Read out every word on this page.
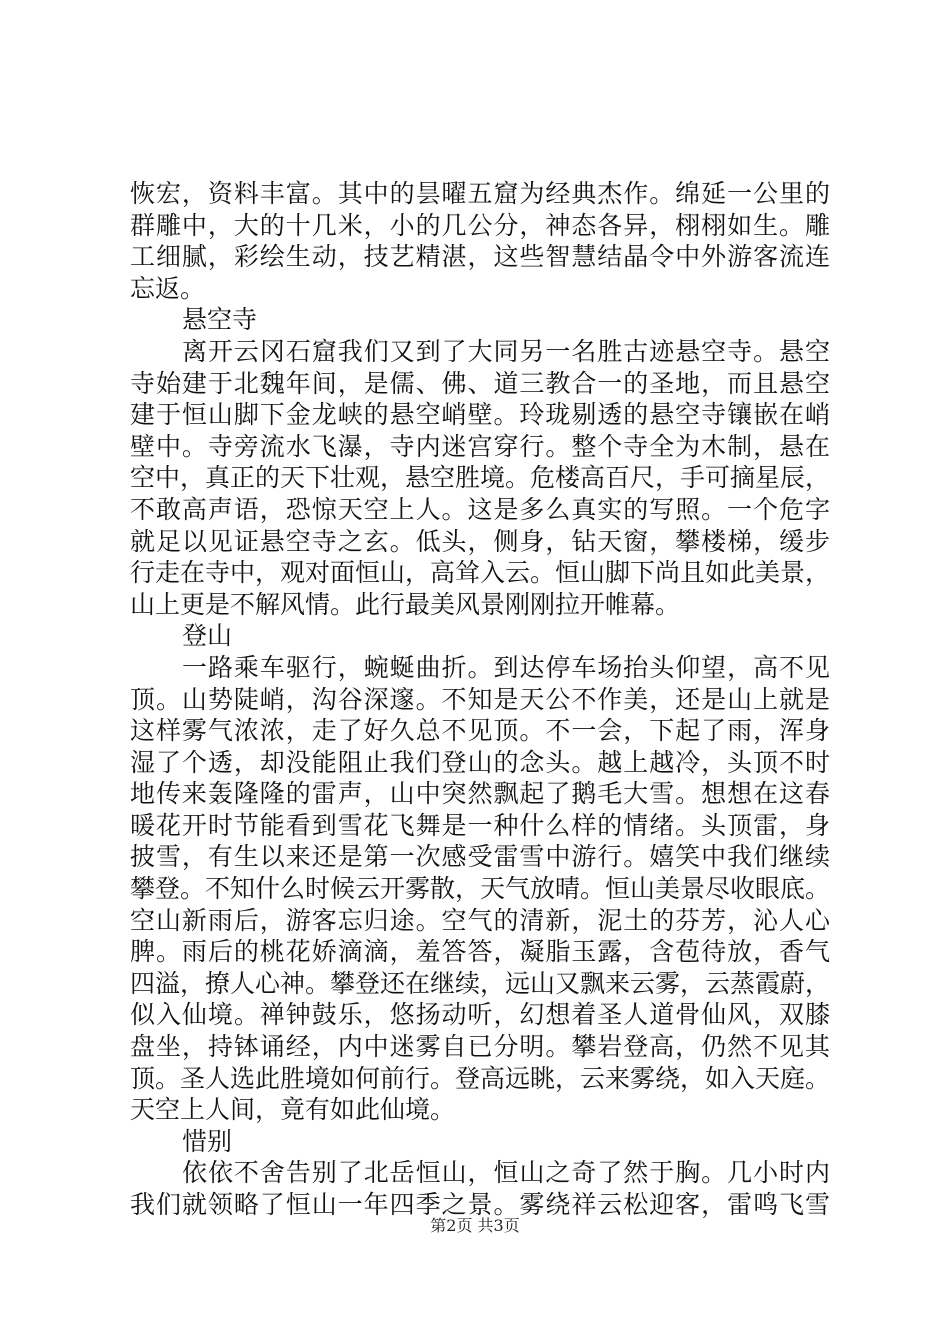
恢宏，资料丰富。其中的昙曜五窟为经典杰作。绵延一公里的
群雕中，大的十几米，小的几公分，神态各异，栩栩如生。雕
工细腻，彩绘生动，技艺精湛，这些智慧结晶令中外游客流连
忘返。
悬空寺
离开云冈石窟我们又到了大同另一名胜古迹悬空寺。悬空
寺始建于北魏年间，是儒、佛、道三教合一的圣地，而且悬空
建于恒山脚下金龙峡的悬空峭壁。玲珑剔透的悬空寺镶嵌在峭
壁中。寺旁流水飞瀑，寺内迷宫穿行。整个寺全为木制，悬在
空中，真正的天下壮观，悬空胜境。危楼高百尺，手可摘星辰，
不敢高声语，恐惊天空上人。这是多么真实的写照。一个危字
就足以见证悬空寺之玄。低头，侧身，钻天窗，攀楼梯，缓步
行走在寺中，观对面恒山，高耸入云。恒山脚下尚且如此美景，
山上更是不解风情。此行最美风景刚刚拉开帷幕。
登山
一路乘车驱行，蜿蜒曲折。到达停车场抬头仰望，高不见
顶。山势陡峭，沟谷深邃。不知是天公不作美，还是山上就是
这样雾气浓浓，走了好久总不见顶。不一会，下起了雨，浑身
湿了个透，却没能阻止我们登山的念头。越上越冷，头顶不时
地传来轰隆隆的雷声，山中突然飘起了鹅毛大雪。想想在这春
暖花开时节能看到雪花飞舞是一种什么样的情绪。头顶雷，身
披雪，有生以来还是第一次感受雷雪中游行。嬉笑中我们继续
攀登。不知什么时候云开雾散，天气放晴。恒山美景尽收眼底。
空山新雨后，游客忘归途。空气的清新，泥土的芬芳，沁人心
脾。雨后的桃花娇滴滴，羞答答，凝脂玉露，含苞待放，香气
四溢，撩人心神。攀登还在继续，远山又飘来云雾，云蒸霞蔚，
似入仙境。禅钟鼓乐，悠扬动听，幻想着圣人道骨仙风，双膝
盘坐，持钵诵经，内中迷雾自已分明。攀岩登高，仍然不见其
顶。圣人选此胜境如何前行。登高远眺，云来雾绕，如入天庭。
天空上人间，竟有如此仙境。
惜别
依依不舍告别了北岳恒山，恒山之奇了然于胸。几小时内
我们就领略了恒山一年四季之景。雾绕祥云松迎客，雷鸣飞雪
第2页 共3页
